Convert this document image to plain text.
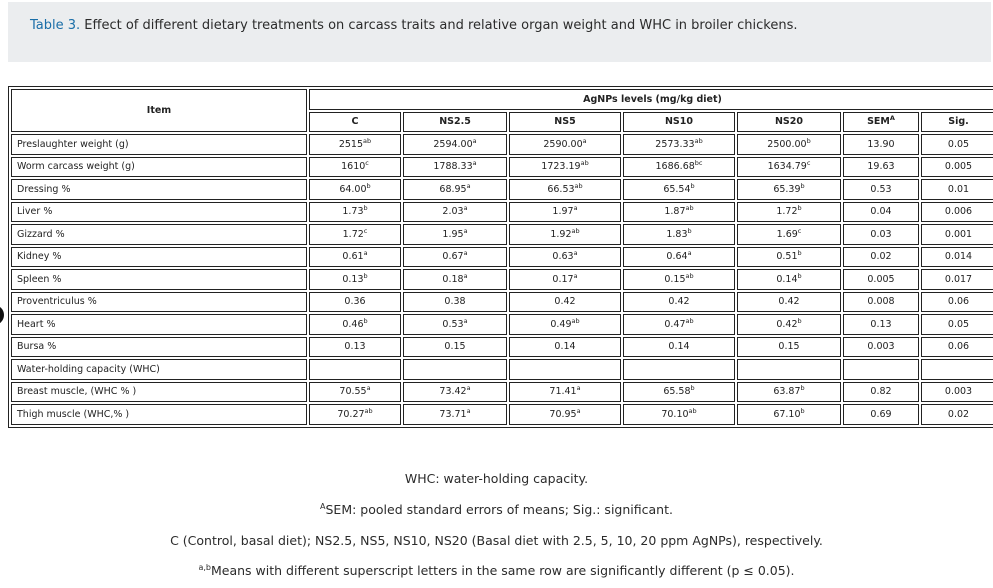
Table 3. Effect of different dietary treatments on carcass traits and relative organ weight and WHC in broiler chickens.
Item	AgNPs levels (mg/kg diet)						
	C	NS2.5	NS5	NS10	NS20	$SEM^A$	Sig.
Preslaughter weight (g)	$2515^{ab}$	2594.00$^a$	2590.00$^a$	2573.33$^{ab}$	2500.00$^b$	13.90	0.05
Worm carcass weight (g)	1610$^c$	1788.33$^a$	1723.19$^{ab}$	1686.68$^{bc}$	1634.79$^c$	19.63	0.005
Dressing %	64.00$^b$	68.95$^a$	66.53$^{ab}$	65.54$^b$	65.39$^b$	0.53	0.01
Liver %	1.73$^b$	2.03$^a$	1.97$^a$	1.87$^{ab}$	1.72$^b$	0.04	0.006
Gizzard %	1.72$^c$	1.95$^a$	1.92$^{ab}$	1.83$^b$	1.69$^c$	0.03	0.001
Kidney %	0.61$^a$	0.67$^a$	0.63$^a$	0.64$^a$	0.51$^b$	0.02	0.014
Spleen %	0.13$^b$	0.18$^a$	0.17$^a$	0.15$^{ab}$	0.14$^b$	0.005	0.017
Proventriculus %	0.36	0.38	0.42	0.42	0.42	0.008	0.06
Heart %	0.46$^b$	0.53$^a$	0.49$^{ab}$	0.47$^{ab}$	0.42$^b$	0.13	0.05
Bursa %	0.13	0.15	0.14	0.14	0.15	0.003	0.06
Water-holding capacity (WHC)							
Breast muscle, (WHC % )	70.55$^a$	73.42$^a$	71.41$^a$	65.58$^b$	63.87$^b$	0.82	0.003
Thigh muscle (WHC,% )	70.27$^{ab}$	73.71$^a$	70.95$^a$	70.10$^{ab}$	67.10$^b$	0.69	0.02
WHC: water-holding capacity.
$^A$SEM: pooled standard errors of means; Sig.: significant.
C (Control, basal diet); NS2.5, NS5, NS10, NS20 (Basal diet with 2.5, 5, 10, 20 ppm AgNPs), respectively.
$^{a,b}$Means with different superscript letters in the same row are significantly different (p ≤ 0.05).
